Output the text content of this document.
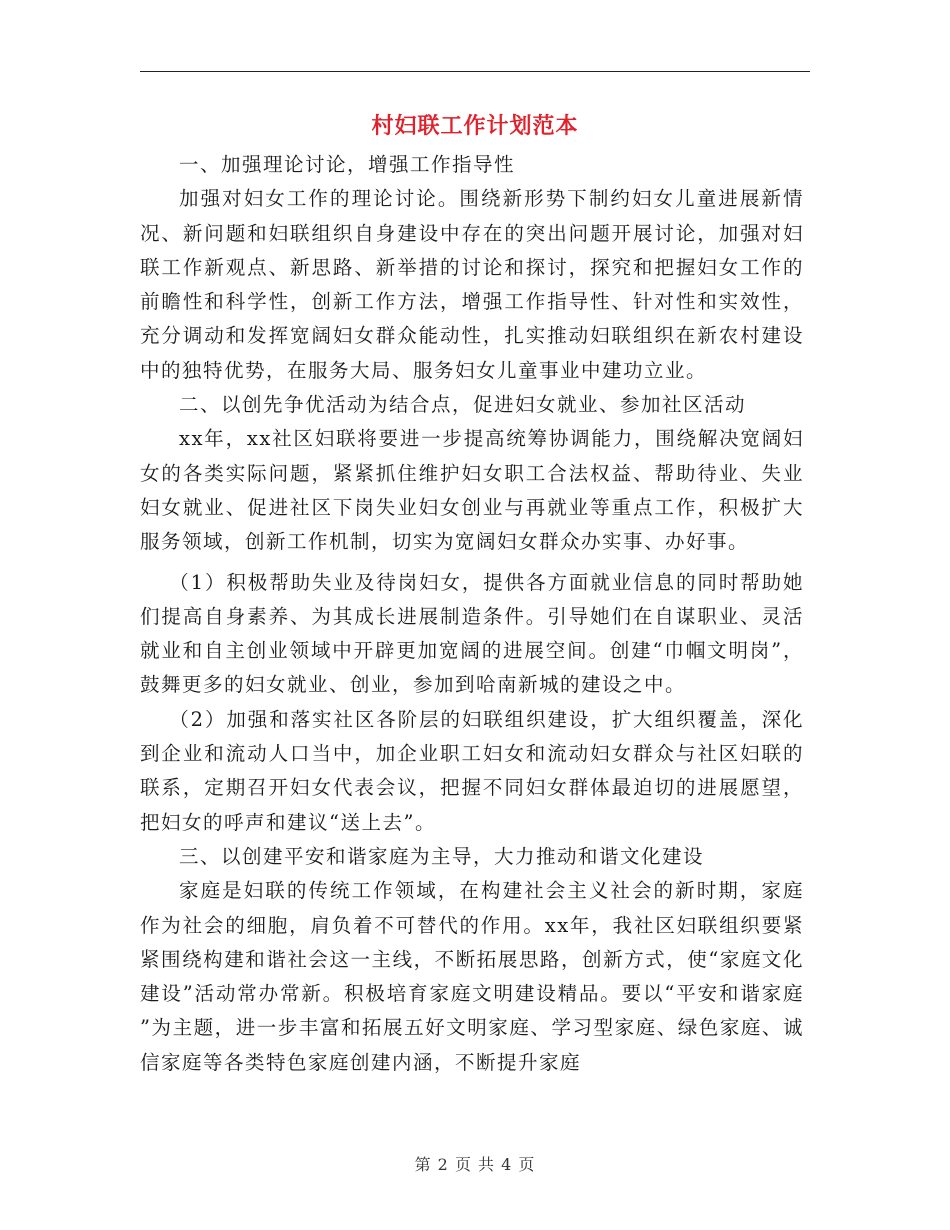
村妇联工作计划范本

一、加强理论讨论，增强工作指导性

加强对妇女工作的理论讨论。围绕新形势下制约妇女儿童进展新情况、新问题和妇联组织自身建设中存在的突出问题开展讨论，加强对妇联工作新观点、新思路、新举措的讨论和探讨，探究和把握妇女工作的前瞻性和科学性，创新工作方法，增强工作指导性、针对性和实效性，充分调动和发挥宽阔妇女群众能动性，扎实推动妇联组织在新农村建设中的独特优势，在服务大局、服务妇女儿童事业中建功立业。

二、以创先争优活动为结合点，促进妇女就业、参加社区活动

xx年，xx社区妇联将要进一步提高统筹协调能力，围绕解决宽阔妇女的各类实际问题，紧紧抓住维护妇女职工合法权益、帮助待业、失业妇女就业、促进社区下岗失业妇女创业与再就业等重点工作，积极扩大服务领域，创新工作机制，切实为宽阔妇女群众办实事、办好事。

（1）积极帮助失业及待岗妇女，提供各方面就业信息的同时帮助她们提高自身素养、为其成长进展制造条件。引导她们在自谋职业、灵活就业和自主创业领域中开辟更加宽阔的进展空间。创建“巾帼文明岗”，鼓舞更多的妇女就业、创业，参加到哈南新城的建设之中。

（2）加强和落实社区各阶层的妇联组织建设，扩大组织覆盖，深化到企业和流动人口当中，加企业职工妇女和流动妇女群众与社区妇联的联系，定期召开妇女代表会议，把握不同妇女群体最迫切的进展愿望，把妇女的呼声和建议“送上去”。

三、以创建平安和谐家庭为主导，大力推动和谐文化建设

家庭是妇联的传统工作领域，在构建社会主义社会的新时期，家庭作为社会的细胞，肩负着不可替代的作用。xx年，我社区妇联组织要紧紧围绕构建和谐社会这一主线，不断拓展思路，创新方式，使“家庭文化建设”活动常办常新。积极培育家庭文明建设精品。要以“平安和谐家庭 ”为主题，进一步丰富和拓展五好文明家庭、学习型家庭、绿色家庭、诚信家庭等各类特色家庭创建内涵，不断提升家庭

第 2 页 共 4 页
